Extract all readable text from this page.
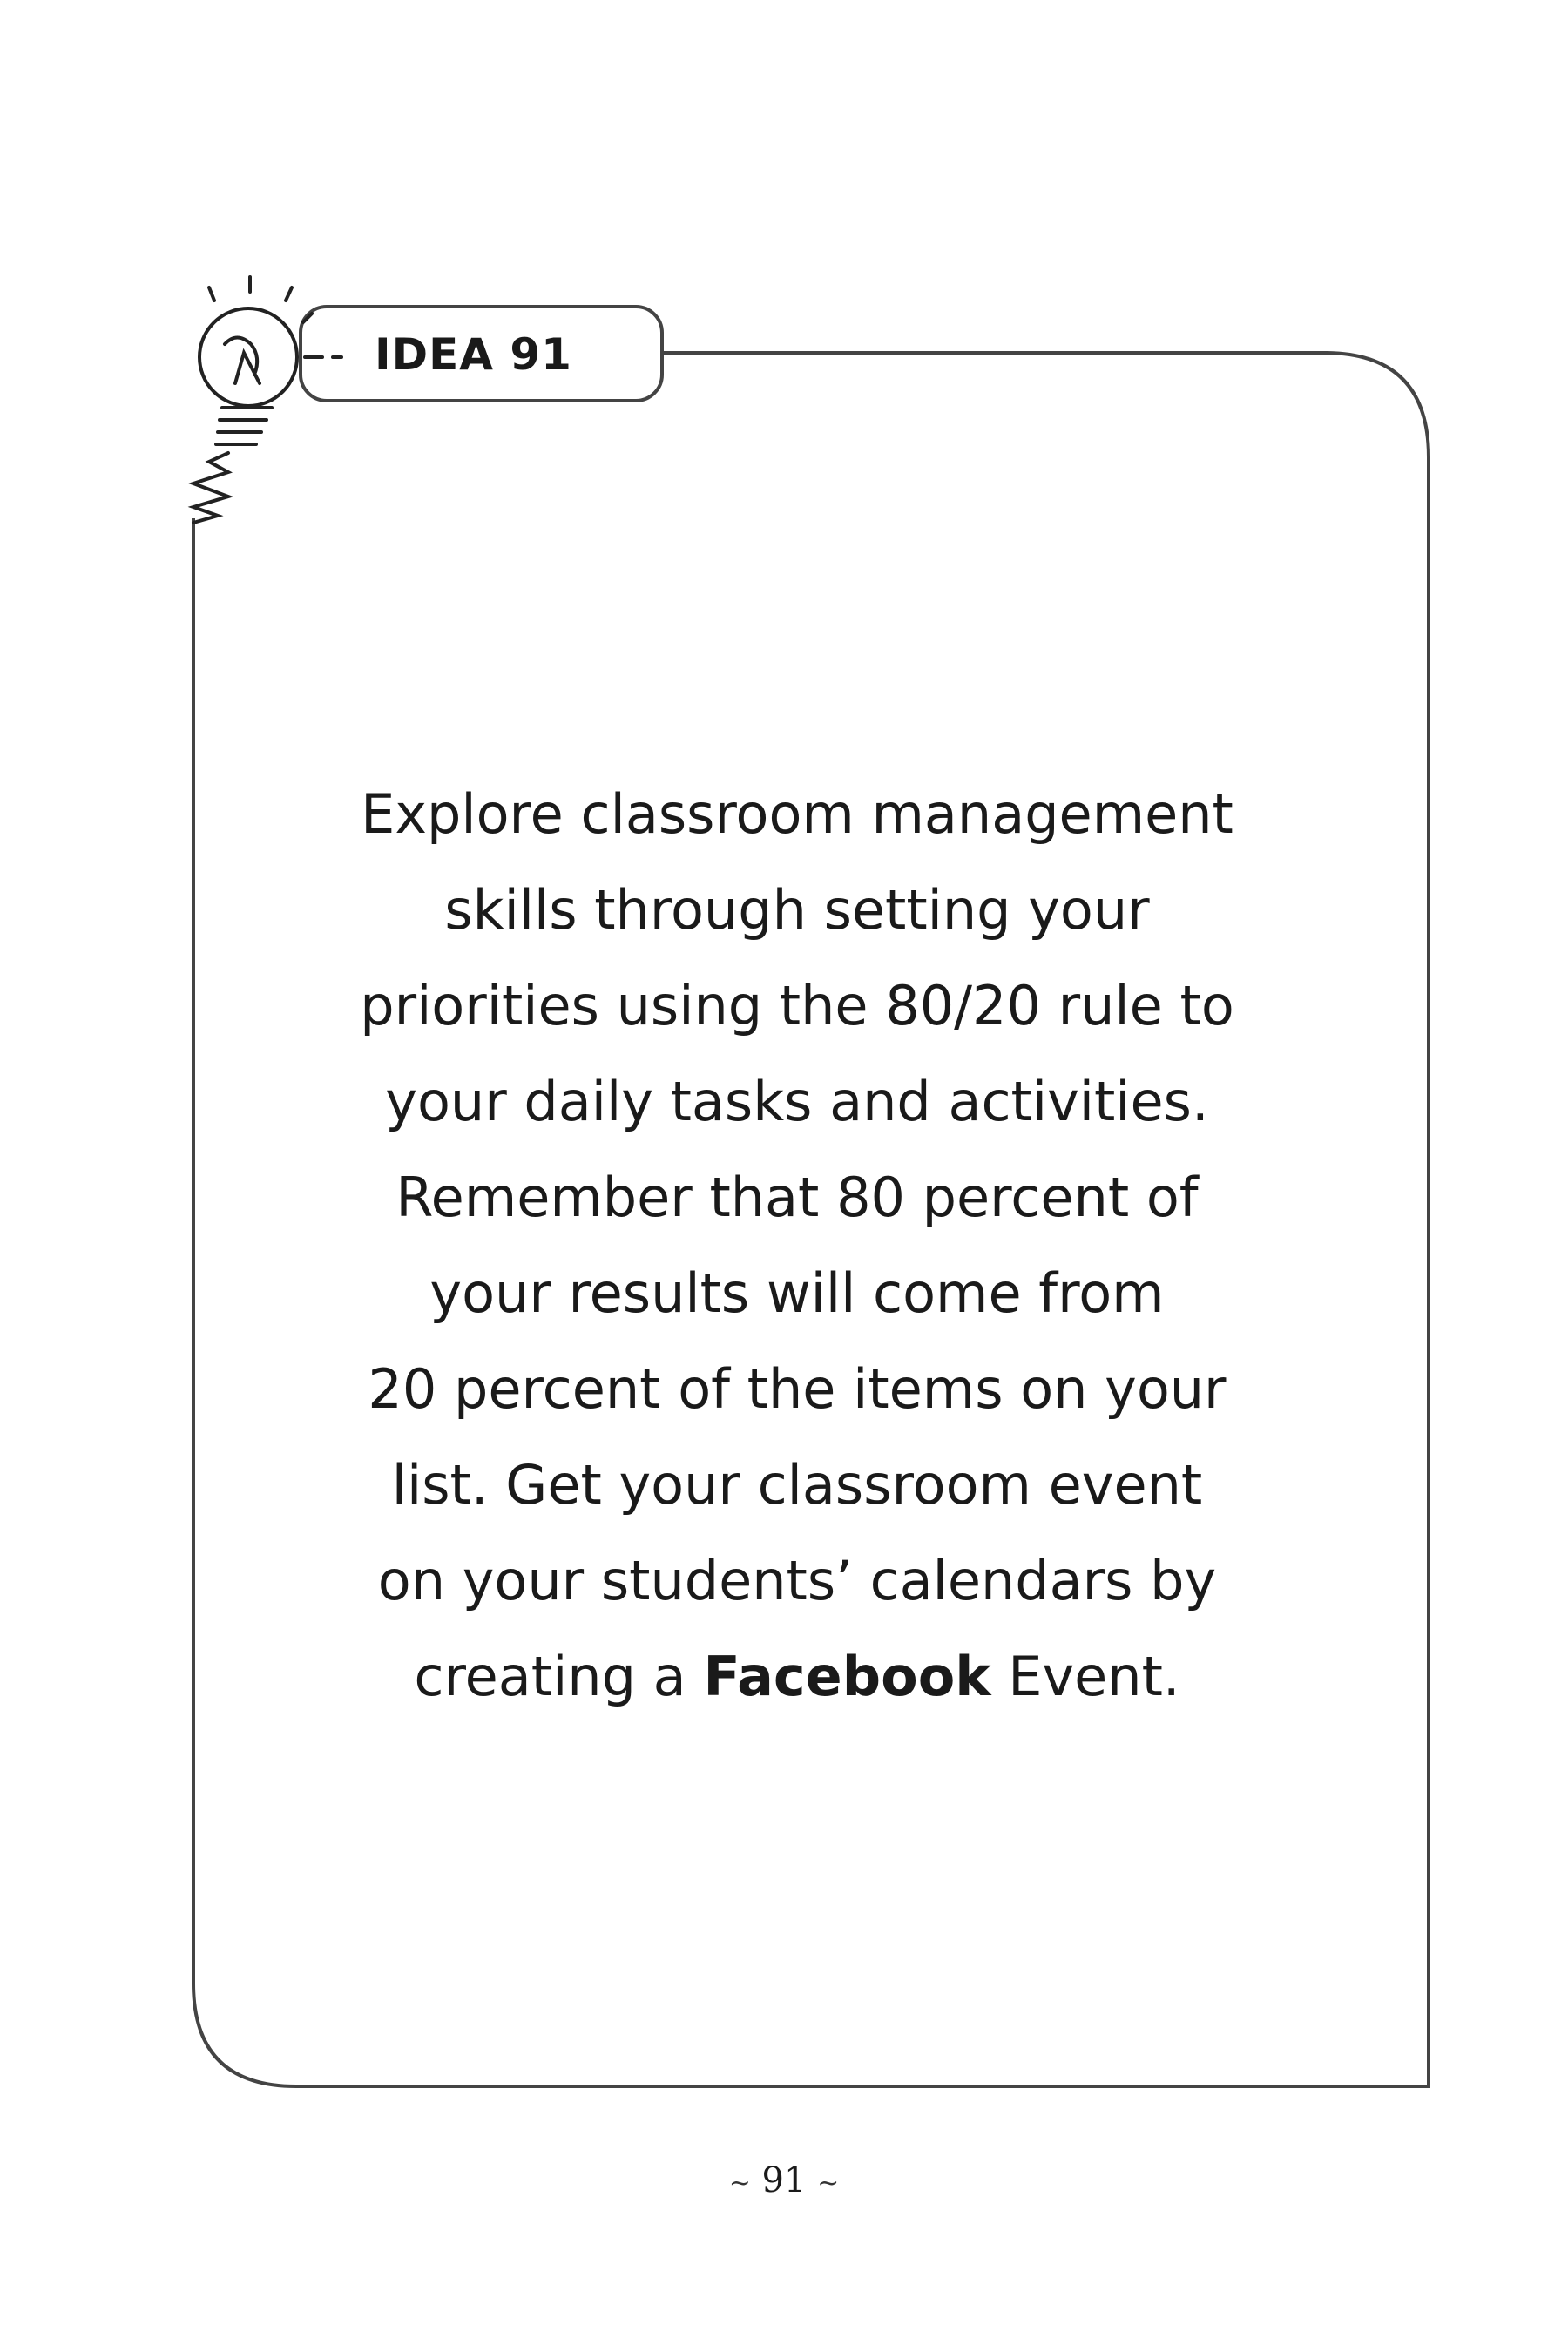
IDEA 91
Explore classroom management
skills through setting your
priorities using the 80/20 rule to
your daily tasks and activities.
Remember that 80 percent of
your results will come from
20 percent of the items on your
list. Get your classroom event
on your students’ calendars by
creating a Facebook Event.
~ 91 ~
